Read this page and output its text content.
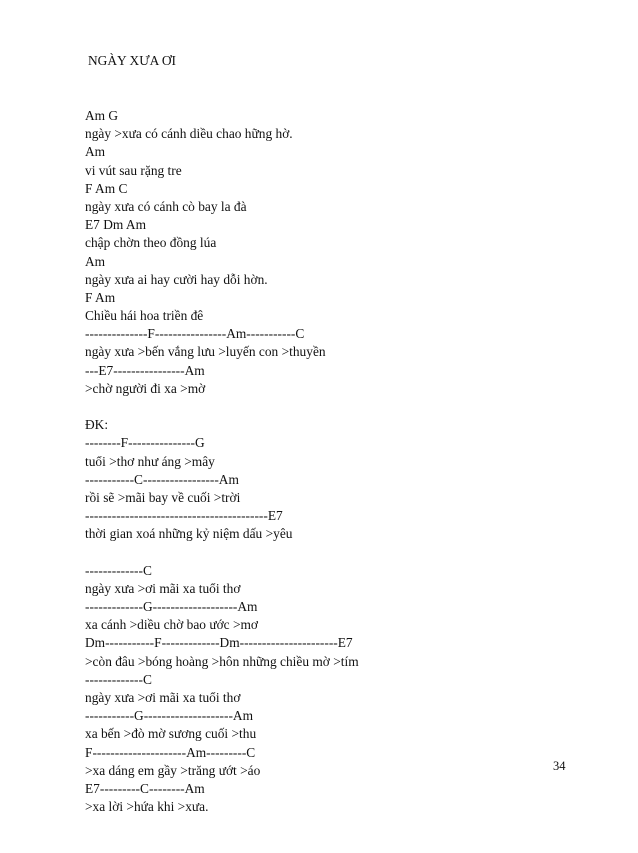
NGÀY XƯA ƠI

Am G
ngày >xưa có cánh diều chao hững hờ.
Am
vi vút sau rặng tre
F Am C
ngày xưa có cánh cò bay la đà
E7 Dm Am
chập chờn theo đồng lúa
Am
ngày xưa ai hay cười hay dỗi hờn.
F Am
Chiều hái hoa triền đê
--------------F----------------Am-----------C
ngày xưa >bến vắng lưu >luyến con >thuyền
---E7----------------Am
>chờ người đi xa >mờ
ĐK:
--------F---------------G
tuổi >thơ như áng >mây
-----------C-----------------Am
rồi sẽ >mãi bay về cuối >trời
-----------------------------------------E7
thời gian xoá những kỷ niệm dấu >yêu
-------------C
ngày xưa >ơi mãi xa tuổi thơ
-------------G-------------------Am
xa cánh >diều chờ bao ước >mơ
Dm-----------F-------------Dm----------------------E7
>còn đâu >bóng hoàng >hôn những chiều mờ >tím
-------------C
ngày xưa >ơi mãi xa tuổi thơ
-----------G--------------------Am
xa bến >đò mờ sương cuối >thu
F---------------------Am---------C
>xa dáng em gầy >trăng ướt >áo
E7---------C--------Am
>xa lời >hứa khi >xưa.

34
